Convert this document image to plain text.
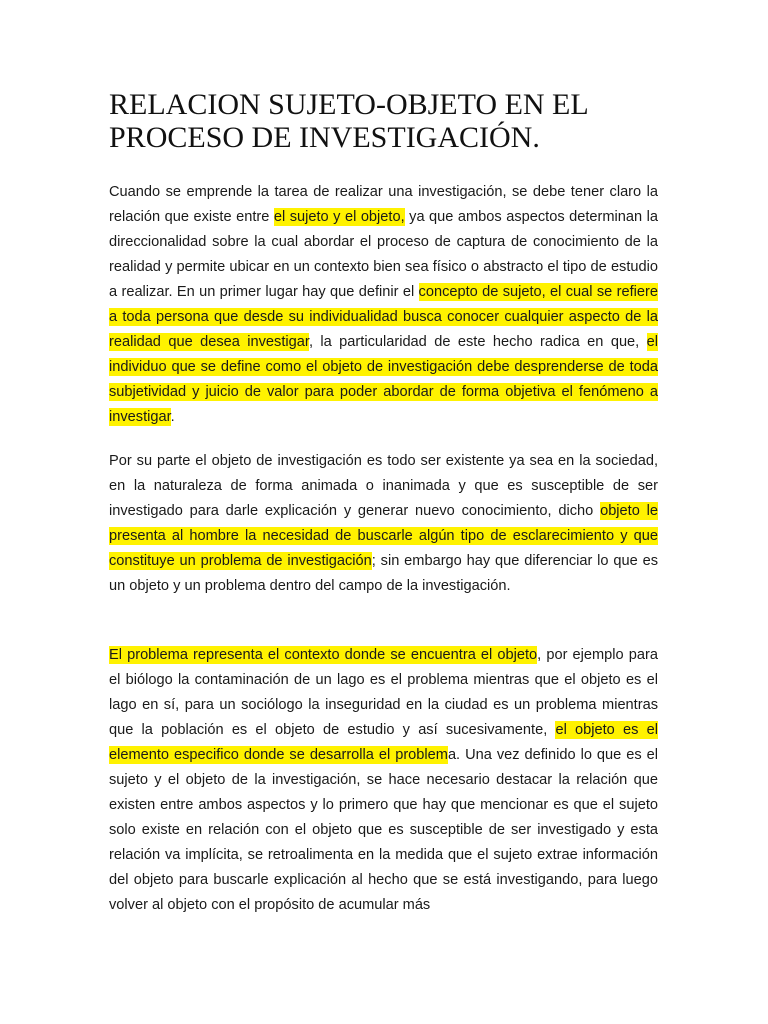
RELACION SUJETO-OBJETO EN EL PROCESO DE INVESTIGACIÓN.

Cuando se emprende la tarea de realizar una investigación, se debe tener claro la relación que existe entre el sujeto y el objeto, ya que ambos aspectos determinan la direccionalidad sobre la cual abordar el proceso de captura de conocimiento de la realidad y permite ubicar en un contexto bien sea físico o abstracto el tipo de estudio a realizar. En un primer lugar hay que definir el concepto de sujeto, el cual se refiere a toda persona que desde su individualidad busca conocer cualquier aspecto de la realidad que desea investigar, la particularidad de este hecho radica en que, el individuo que se define como el objeto de investigación debe desprenderse de toda subjetividad y juicio de valor para poder abordar de forma objetiva el fenómeno a investigar.

Por su parte el objeto de investigación es todo ser existente ya sea en la sociedad, en la naturaleza de forma animada o inanimada y que es susceptible de ser investigado para darle explicación y generar nuevo conocimiento, dicho objeto le presenta al hombre la necesidad de buscarle algún tipo de esclarecimiento y que constituye un problema de investigación; sin embargo hay que diferenciar lo que es un objeto y un problema dentro del campo de la investigación.

El problema representa el contexto donde se encuentra el objeto, por ejemplo para el biólogo la contaminación de un lago es el problema mientras que el objeto es el lago en sí, para un sociólogo la inseguridad en la ciudad es un problema mientras que la población es el objeto de estudio y así sucesivamente, el objeto es el elemento especifico donde se desarrolla el problema. Una vez definido lo que es el sujeto y el objeto de la investigación, se hace necesario destacar la relación que existen entre ambos aspectos y lo primero que hay que mencionar es que el sujeto solo existe en relación con el objeto que es susceptible de ser investigado y esta relación va implícita, se retroalimenta en la medida que el sujeto extrae información del objeto para buscarle explicación al hecho que se está investigando, para luego volver al objeto con el propósito de acumular más
